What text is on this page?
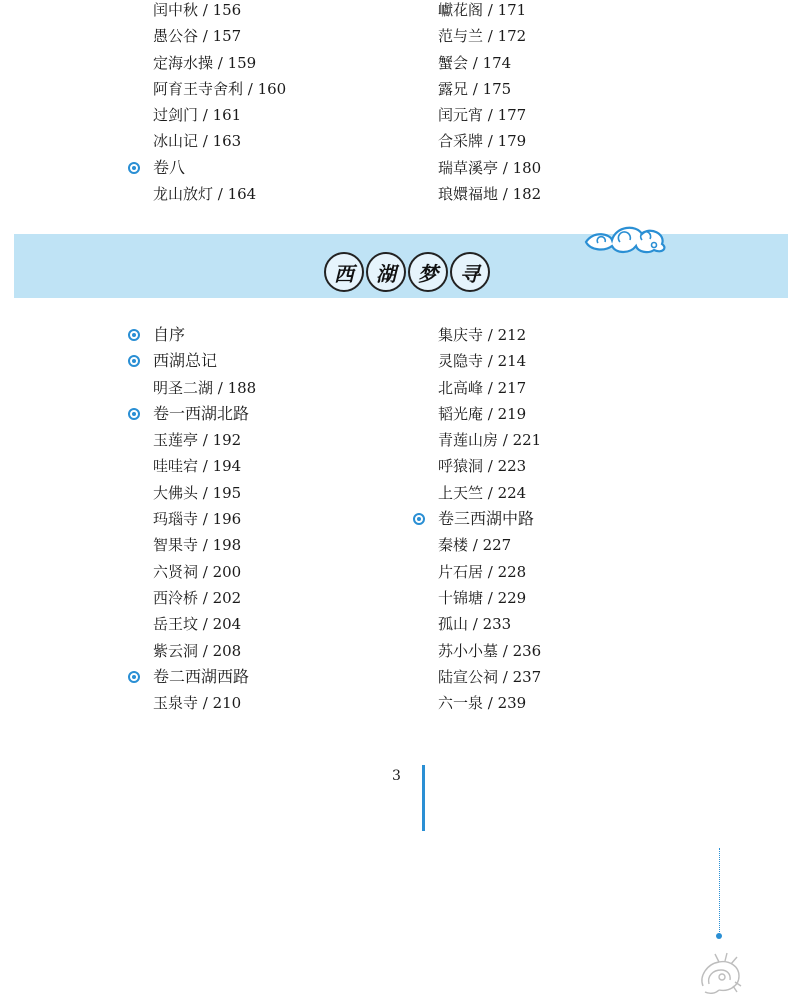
闰中秋 / 156
愚公谷 / 157
定海水操 / 159
阿育王寺舍利 / 160
过剑门 / 161
冰山记 / 163
卷八
龙山放灯 / 164
巘花阁 / 171
范与兰 / 172
蟹会 / 174
露兄 / 175
闰元宵 / 177
合采牌 / 179
瑞草溪亭 / 180
琅嬛福地 / 182
西	湖	梦	寻
自序
西湖总记
明圣二湖 / 188
卷一西湖北路
玉莲亭 / 192
哇哇宕 / 194
大佛头 / 195
玛瑙寺 / 196
智果寺 / 198
六贤祠 / 200
西泠桥 / 202
岳王坟 / 204
紫云洞 / 208
卷二西湖西路
玉泉寺 / 210
集庆寺 / 212
灵隐寺 / 214
北高峰 / 217
韬光庵 / 219
青莲山房 / 221
呼猿洞 / 223
上天竺 / 224
卷三西湖中路
秦楼 / 227
片石居 / 228
十锦塘 / 229
孤山 / 233
苏小小墓 / 236
陆宣公祠 / 237
六一泉 / 239
3
